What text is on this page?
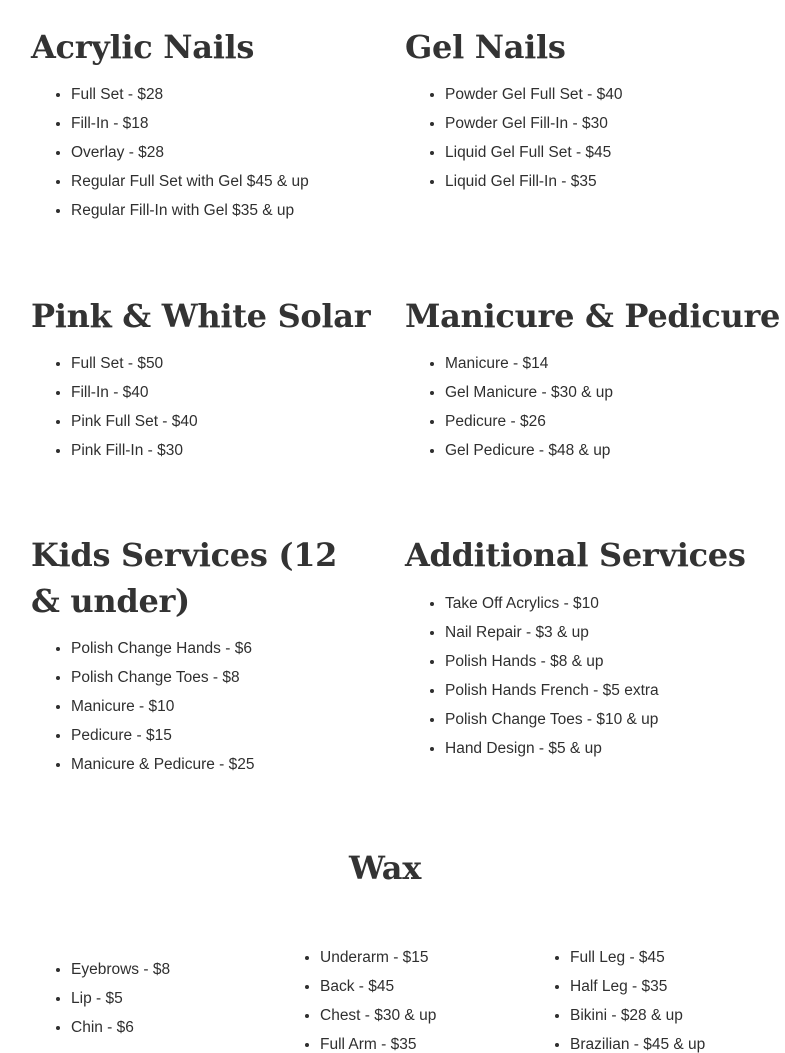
Acrylic Nails
• Full Set - $28
• Fill-In - $18
• Overlay - $28
• Regular Full Set with Gel $45 & up
• Regular Fill-In with Gel $35 & up
Gel Nails
• Powder Gel Full Set - $40
• Powder Gel Fill-In - $30
• Liquid Gel Full Set - $45
• Liquid Gel Fill-In - $35
Pink & White Solar
• Full Set - $50
• Fill-In - $40
• Pink Full Set - $40
• Pink Fill-In - $30
Manicure & Pedicure
• Manicure - $14
• Gel Manicure - $30 & up
• Pedicure - $26
• Gel Pedicure - $48 & up
Kids Services (12 & under)
• Polish Change Hands - $6
• Polish Change Toes - $8
• Manicure - $10
• Pedicure - $15
• Manicure & Pedicure - $25
Additional Services
• Take Off Acrylics - $10
• Nail Repair - $3 & up
• Polish Hands - $8 & up
• Polish Hands French - $5 extra
• Polish Change Toes - $10 & up
• Hand Design - $5 & up
Wax
• Eyebrows - $8
• Lip - $5
• Chin - $6
• Underarm - $15
• Back - $45
• Chest - $30 & up
• Full Arm - $35
• Full Leg - $45
• Half Leg - $35
• Bikini - $28 & up
• Brazilian - $45 & up
